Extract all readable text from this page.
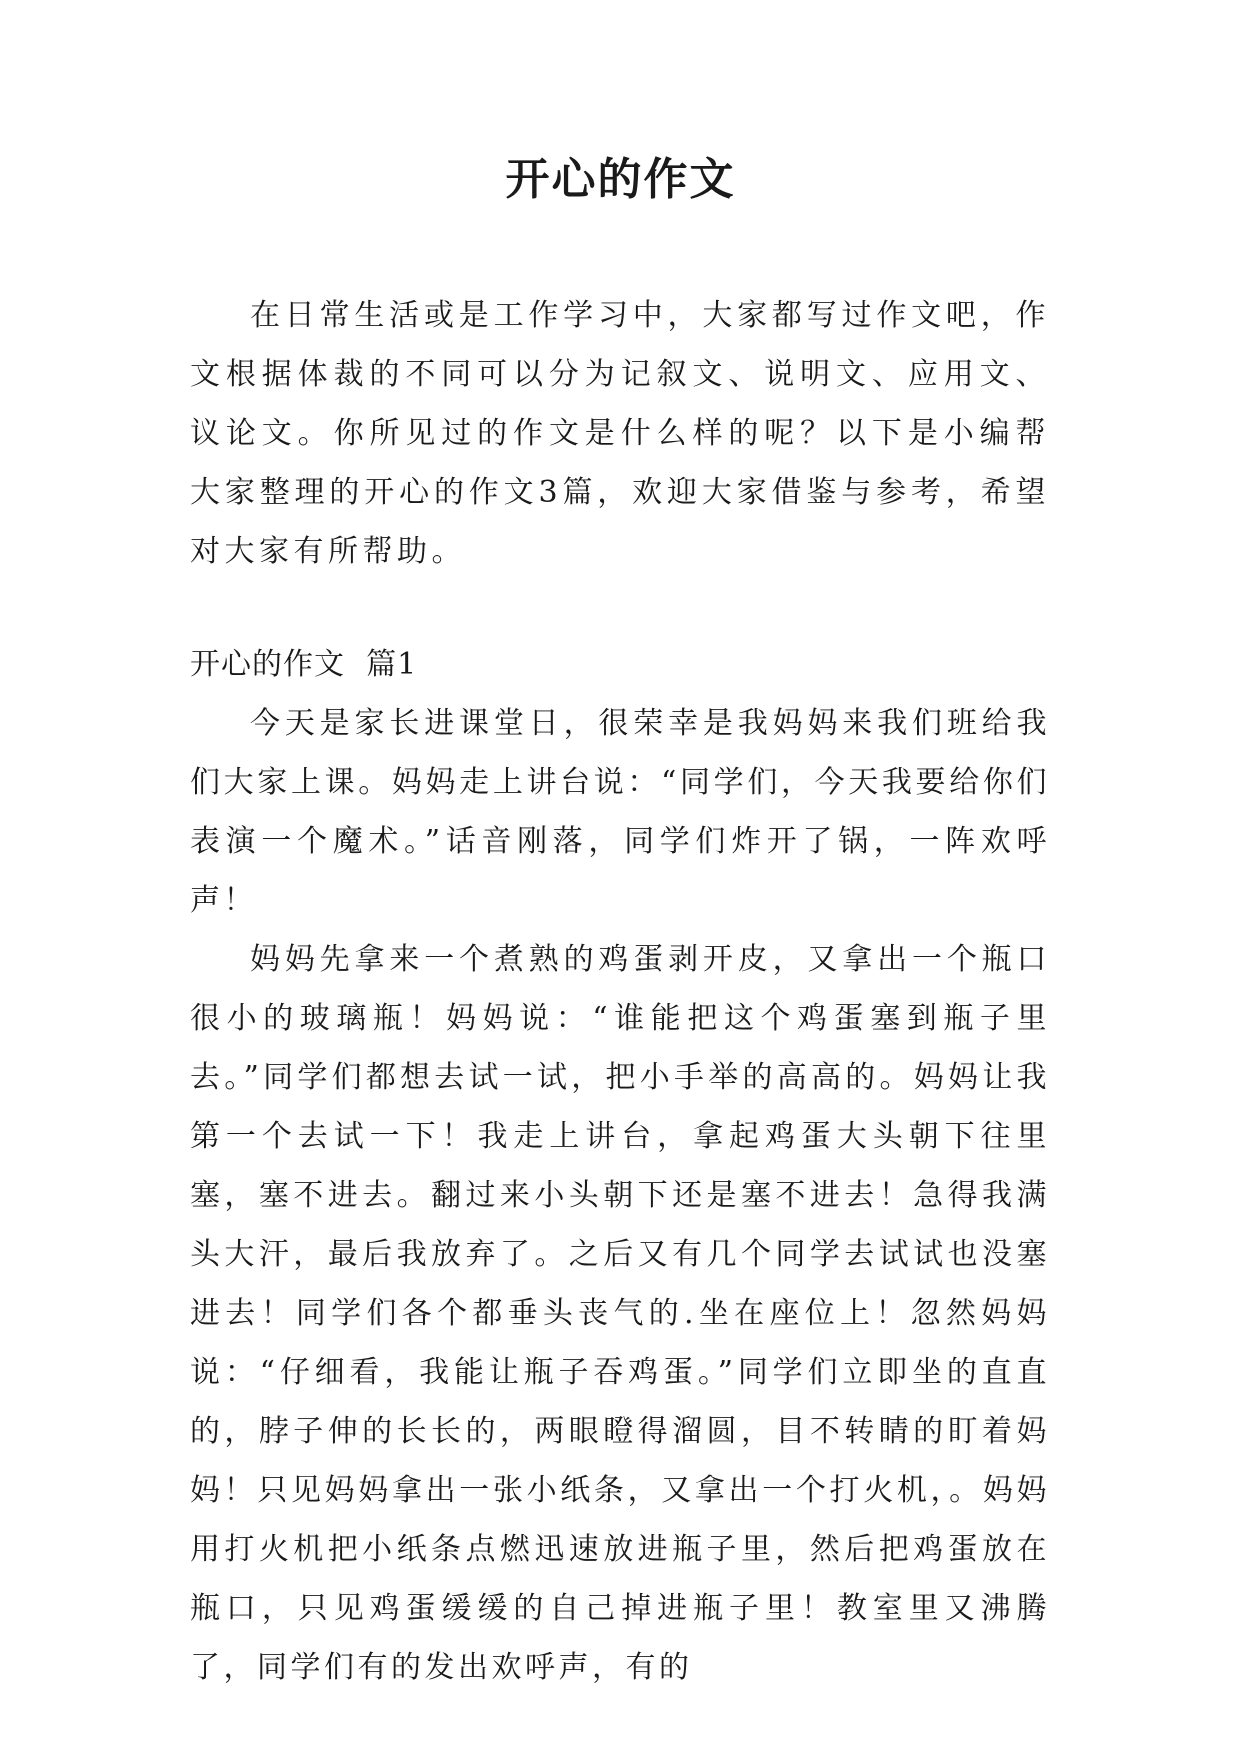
开心的作文

在日常生活或是工作学习中，大家都写过作文吧，作文根据体裁的不同可以分为记叙文、说明文、应用文、议论文。你所见过的作文是什么样的呢？以下是小编帮大家整理的开心的作文3篇，欢迎大家借鉴与参考，希望对大家有所帮助。

开心的作文  篇1

今天是家长进课堂日，很荣幸是我妈妈来我们班给我们大家上课。妈妈走上讲台说：“同学们，今天我要给你们表演一个魔术。”话音刚落，同学们炸开了锅，一阵欢呼声！

妈妈先拿来一个煮熟的鸡蛋剥开皮，又拿出一个瓶口很小的玻璃瓶！妈妈说：“谁能把这个鸡蛋塞到瓶子里去。”同学们都想去试一试，把小手举的高高的。妈妈让我第一个去试一下！我走上讲台，拿起鸡蛋大头朝下往里塞，塞不进去。翻过来小头朝下还是塞不进去！急得我满头大汗，最后我放弃了。之后又有几个同学去试试也没塞进去！同学们各个都垂头丧气的.坐在座位上！忽然妈妈说：“仔细看，我能让瓶子吞鸡蛋。”同学们立即坐的直直的，脖子伸的长长的，两眼瞪得溜圆，目不转睛的盯着妈妈！只见妈妈拿出一张小纸条，又拿出一个打火机，。妈妈用打火机把小纸条点燃迅速放进瓶子里，然后把鸡蛋放在瓶口，只见鸡蛋缓缓的自己掉进瓶子里！教室里又沸腾了，同学们有的发出欢呼声，有的
